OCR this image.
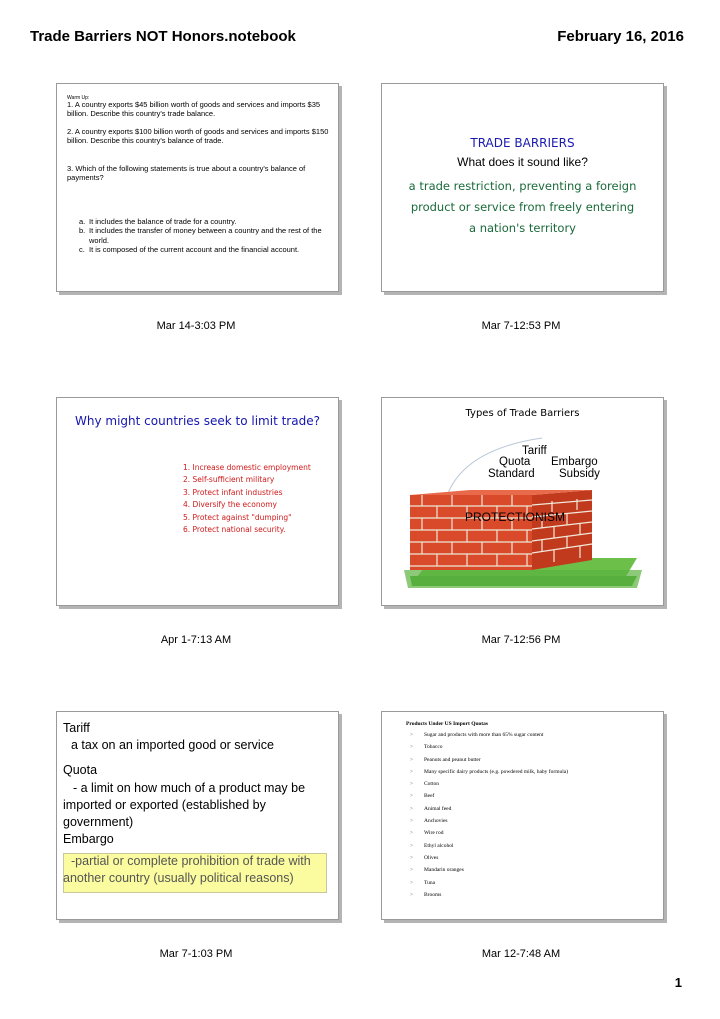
Trade Barriers NOT Honors.notebook	February 16, 2016
Warm Up:
1. A country exports $45 billion worth of goods and services and imports $35 billion. Describe this country's trade balance.
2. A country exports $100 billion worth of goods and services and imports $150 billion. Describe this country's balance of trade.
3. Which of the following statements is true about a country's balance of payments?
a. It includes the balance of trade for a country.
b. It includes the transfer of money between a country and the rest of the world.
c. It is composed of the current account and the financial account.
Mar 14-3:03 PM
TRADE BARRIERS
What does it sound like?
a trade restriction, preventing a foreign
product or service from freely entering
a nation's territory
Mar 7-12:53 PM
Why might countries seek to limit trade?
1. Increase domestic employment
2. Self-sufficient military
3. Protect infant industries
4. Diversify the economy
5. Protect against "dumping"
6. Protect national security.
Apr 1-7:13 AM
Types of Trade Barriers
Tariff
Quota Embargo
Standard Subsidy
PROTECTIONISM
Mar 7-12:56 PM
Tariff
a tax on an imported good or service
Quota
- a limit on how much of a product may be
imported or exported (established by
government)
Embargo
-partial or complete prohibition of trade with
another country (usually political reasons)
Mar 7-1:03 PM
Products Under US Import Quotas
>	Sugar and products with more than 65% sugar content
>	Tobacco
>	Peanuts and peanut butter
>	Many specific dairy products (e.g. powdered milk, baby formula)
>	Cotton
>	Beef
>	Animal feed
>	Anchovies
>	Wire rod
>	Ethyl alcohol
>	Olives
>	Mandarin oranges
>	Tuna
>	Brooms
Mar 12-7:48 AM
1
